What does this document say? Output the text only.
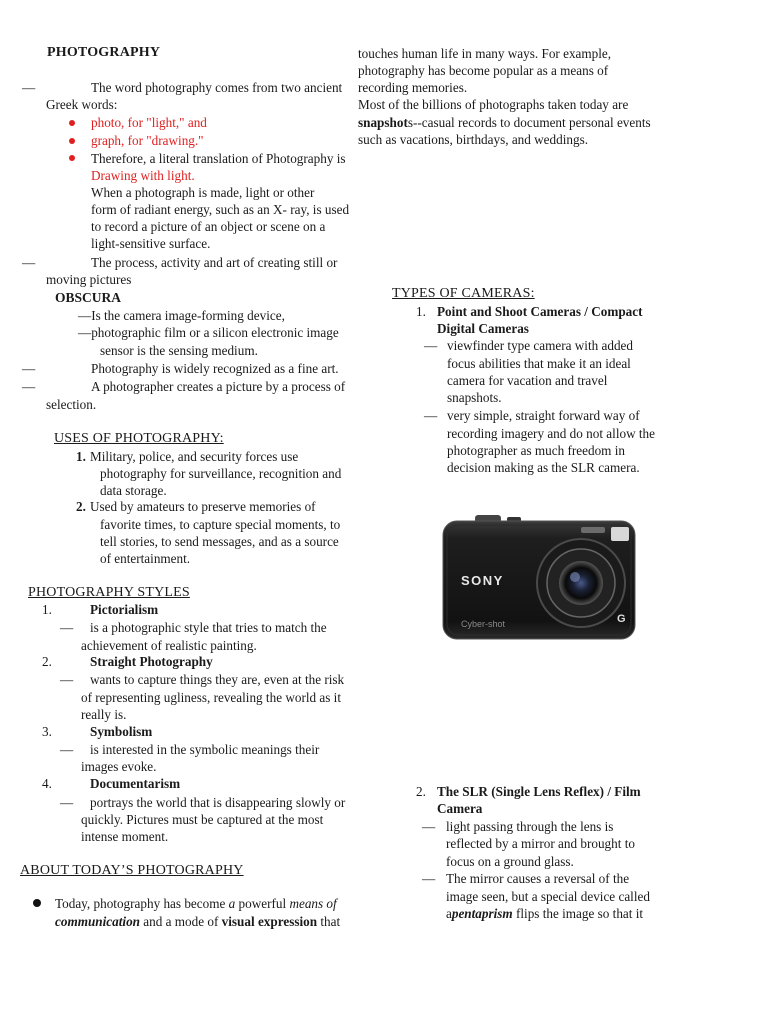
PHOTOGRAPHY
—	The word photography comes from two ancient
Greek words:
photo, for "light," and
graph, for "drawing."
Therefore, a literal translation of Photography is
Drawing with light.
When a photograph is made, light or other
form of radiant energy, such as an X- ray, is used
to record a picture of an object or scene on a
light-sensitive surface.
—	The process, activity and art of creating still or
moving pictures
OBSCURA
—Is the camera image-forming device,
—photographic film or a silicon electronic image
sensor is the sensing medium.
—	Photography is widely recognized as a fine art.
—	A photographer creates a picture by a process of
selection.
USES OF PHOTOGRAPHY:
1. Military, police, and security forces use
photography for surveillance, recognition and
data storage.
2. Used by amateurs to preserve memories of
favorite times, to capture special moments, to
tell stories, to send messages, and as a source
of entertainment.
PHOTOGRAPHY STYLES
1.	Pictorialism
— is a photographic style that tries to match the
achievement of realistic painting.
2.	Straight Photography
— wants to capture things they are, even at the risk
of representing ugliness, revealing the world as it
really is.
3.	Symbolism
— is interested in the symbolic meanings their
images evoke.
4.	Documentarism
— portrays the world that is disappearing slowly or
quickly. Pictures must be captured at the most
intense moment.
ABOUT TODAY’S PHOTOGRAPHY
Today, photography has become a powerful means of
communication and a mode of visual expression that
touches human life in many ways. For example,
photography has become popular as a means of
recording memories.
Most of the billions of photographs taken today are
snapshots--casual records to document personal events
such as vacations, birthdays, and weddings.
TYPES OF CAMERAS:
1. Point and Shoot Cameras / Compact
Digital Cameras
— viewfinder type camera with added
focus abilities that make it an ideal
camera for vacation and travel
snapshots.
— very simple, straight forward way of
recording imagery and do not allow the
photographer as much freedom in
decision making as the SLR camera.
SONY
Cyber-shot	G
2. The SLR (Single Lens Reflex) / Film
Camera
— light passing through the lens is
reflected by a mirror and brought to
focus on a ground glass.
— The mirror causes a reversal of the
image seen, but a special device called
apentaprism flips the image so that it
